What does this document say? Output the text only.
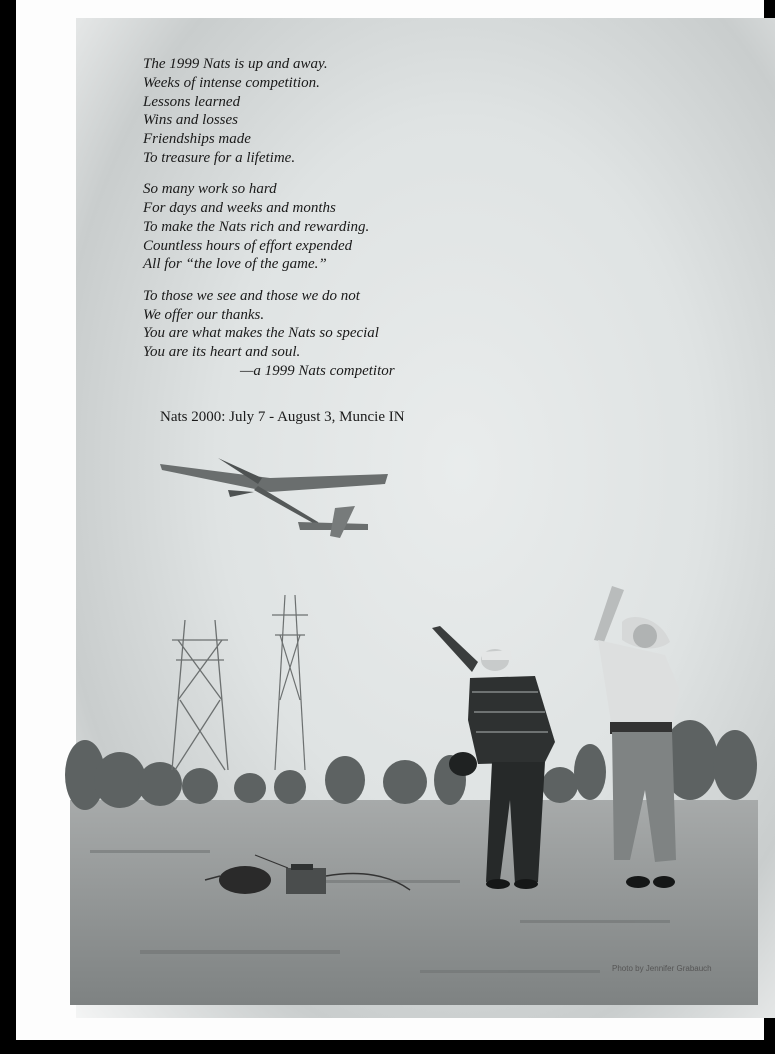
The 1999 Nats is up and away.

Weeks of intense competition.

Lessons learned

Wins and losses

Friendships made

To treasure for a lifetime.

So many work so hard

For days and weeks and months

To make the Nats rich and rewarding.

Countless hours of effort expended

All for “the love of the game.”

To those we see and those we do not

We offer our thanks.

You are what makes the Nats so special

You are its heart and soul.

—a 1999 Nats competitor

Nats 2000: July 7 - August 3, Muncie IN
Photo by Jennifer Grabauch
